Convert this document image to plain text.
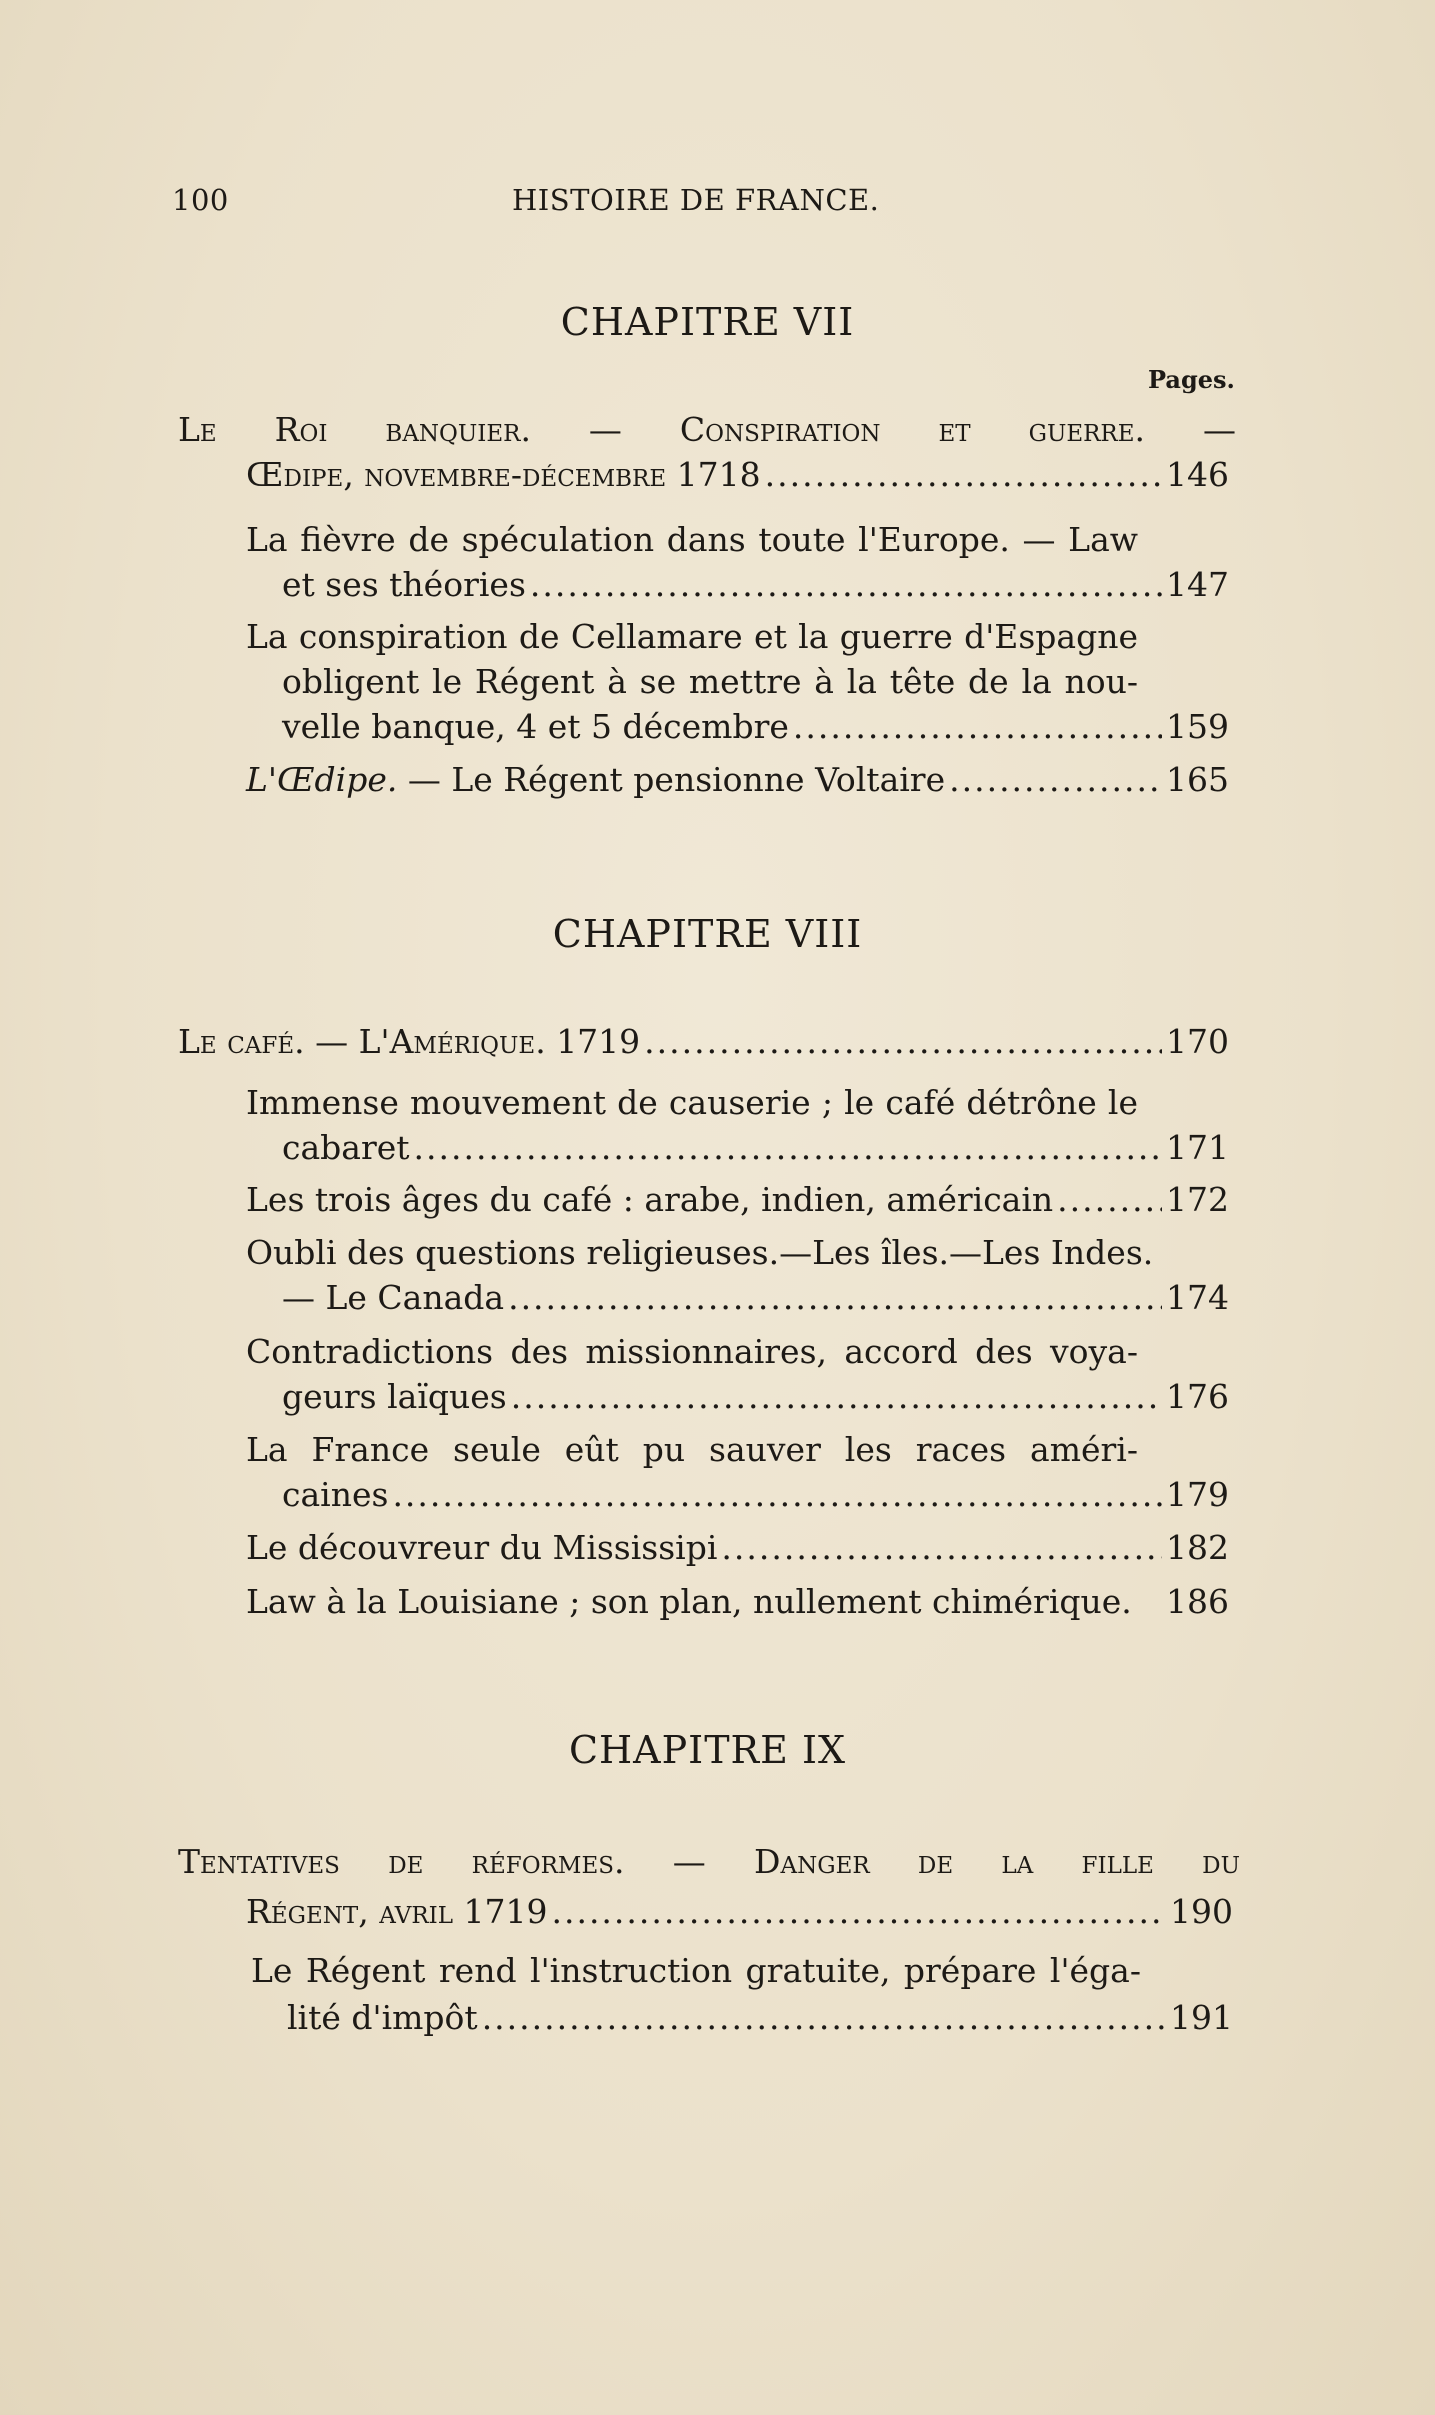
100	HISTOIRE DE FRANCE.
CHAPITRE VII
Pages.
Le Roi banquier. — Conspiration et guerre. —
Œdipe, novembre-décembre 1718 .....	146
La fièvre de spéculation dans toute l'Europe. — Law
et ses théories .....	147
La conspiration de Cellamare et la guerre d'Espagne
obligent le Régent à se mettre à la tête de la nou-
velle banque, 4 et 5 décembre .....	159
L'Œdipe. — Le Régent pensionne Voltaire .....	165
CHAPITRE VIII
Le café. — L'Amérique. 1719 .....	170
Immense mouvement de causerie ; le café détrône le
cabaret .....	171
Les trois âges du café : arabe, indien, américain .....	172
Oubli des questions religieuses.—Les îles.—Les Indes.
— Le Canada .....	174
Contradictions des missionnaires, accord des voya-
geurs laïques .....	176
La France seule eût pu sauver les races améri-
caines .....	179
Le découvreur du Mississipi .....	182
Law à la Louisiane ; son plan, nullement chimérique. 186
CHAPITRE IX
Tentatives de réformes. — Danger de la fille du
Régent, avril 1719 .....	190
Le Régent rend l'instruction gratuite, prépare l'éga-
lité d'impôt .....	191
